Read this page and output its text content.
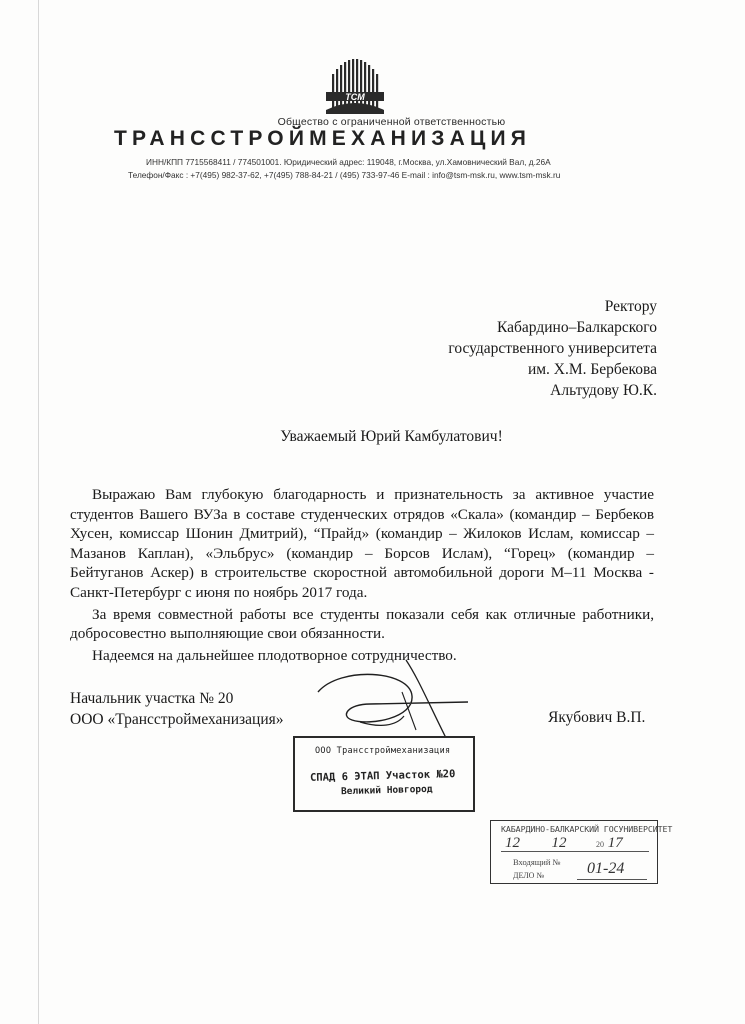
ТСМ
Общество с ограниченной ответственностью
ТРАНССТРОЙМЕХАНИЗАЦИЯ
ИНН/КПП 7715568411 / 774501001. Юридический адрес: 119048, г.Москва, ул.Хамовнический Вал, д.26А
Телефон/Факс : +7(495) 982-37-62, +7(495) 788-84-21 / (495) 733-97-46 E-mail : info@tsm-msk.ru, www.tsm-msk.ru
Ректору
Кабардино–Балкарского
государственного университета
им. Х.М. Бербекова
Альтудову Ю.К.
Уважаемый Юрий Камбулатович!

Выражаю Вам глубокую благодарность и признательность за активное участие студентов Вашего ВУЗа в составе студенческих отрядов «Скала» (командир – Бербеков Хусен, комиссар Шонин Дмитрий), “Прайд» (командир – Жилоков Ислам, комиссар – Мазанов Каплан), «Эльбрус» (командир – Борсов Ислам), “Горец» (командир – Бейтуганов Аскер) в строительстве скоростной автомобильной дороги М–11 Москва - Санкт-Петербург с июня по ноябрь 2017 года.

За время совместной работы все студенты показали себя как отличные работники, добросовестно выполняющие свои обязанности.

Надеемся на дальнейшее плодотворное сотрудничество.

Начальник участка № 20
ООО «Трансстроймеханизация»	Якубович В.П.
ООО Трансстроймеханизация
СПАД 6 ЭТАП Участок №20
Великий Новгород
КАБАРДИНО-БАЛКАРСКИЙ ГОСУНИВЕРСИТЕТ
12 12	20 17
Входящий №
ДЕЛО №	01-24
